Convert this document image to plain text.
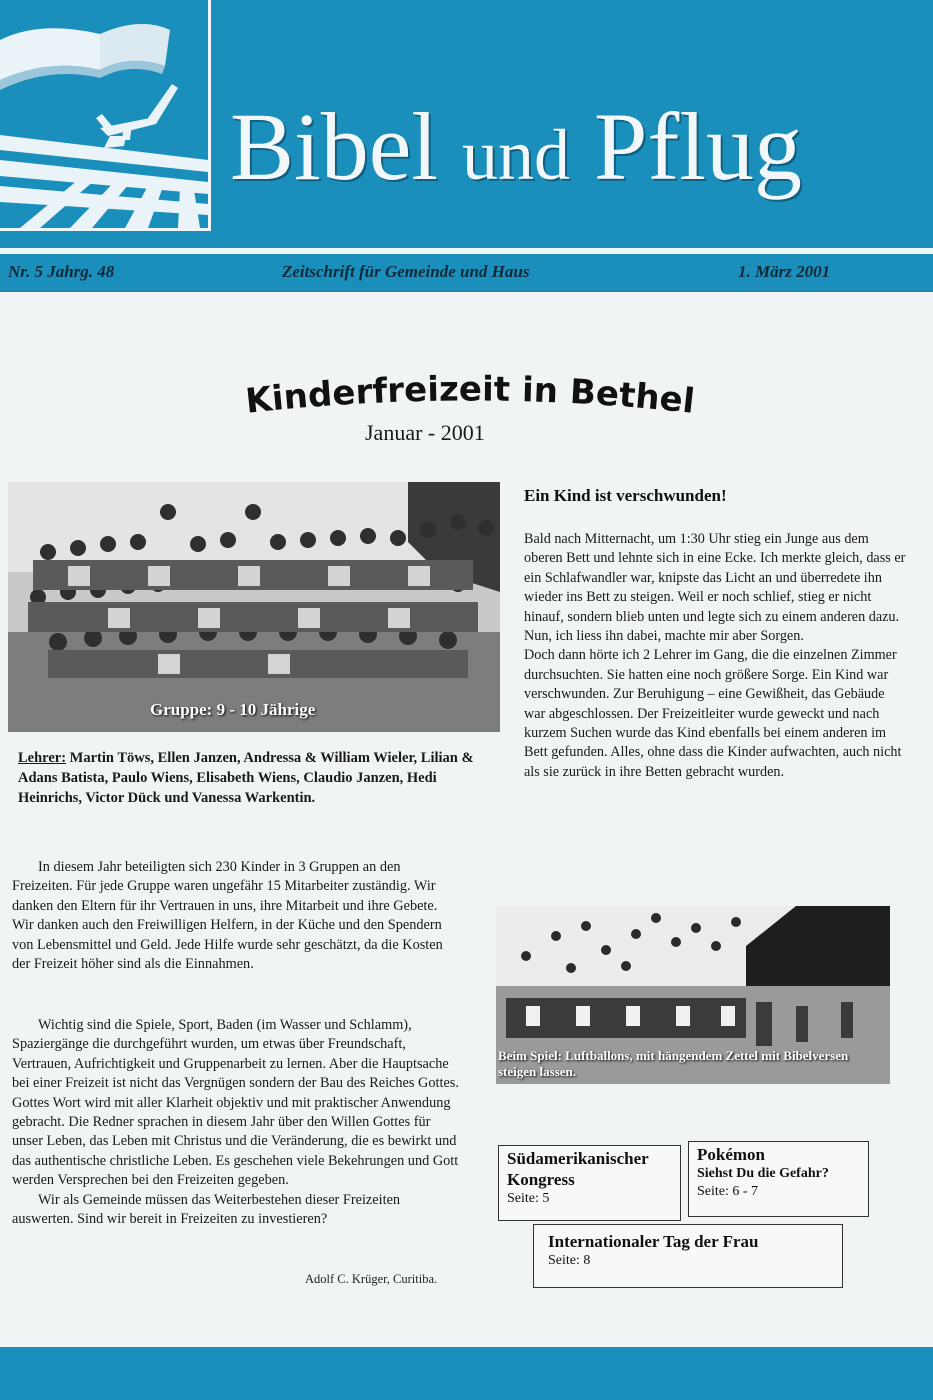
Bibel und Pflug
Nr. 5 Jahrg. 48	Zeitschrift für Gemeinde und Haus	1. März 2001
Kinderfreizeit in Bethel
Januar - 2001
Gruppe: 9 - 10 Jährige
Lehrer: Martin Töws, Ellen Janzen, Andressa & William Wieler, Lilian & Adans Batista, Paulo Wiens, Elisabeth Wiens, Claudio Janzen, Hedi Heinrichs, Victor Dück und Vanessa Warkentin.
Ein Kind ist verschwunden!

Bald nach Mitternacht, um 1:30 Uhr stieg ein Junge aus dem oberen Bett und lehnte sich in eine Ecke. Ich merkte gleich, dass er ein Schlafwandler war, knipste das Licht an und überredete ihn wieder ins Bett zu steigen. Weil er noch schlief, stieg er nicht hinauf, sondern blieb unten und legte sich zu einem anderen dazu. Nun, ich liess ihn dabei, machte mir aber Sorgen.

Doch dann hörte ich 2 Lehrer im Gang, die die einzelnen Zimmer durchsuchten. Sie hatten eine noch größere Sorge. Ein Kind war verschwunden. Zur Beruhigung – eine Gewißheit, das Gebäude war abgeschlossen. Der Freizeitleiter wurde geweckt und nach kurzem Suchen wurde das Kind ebenfalls bei einem anderen im Bett gefunden. Alles, ohne dass die Kinder aufwachten, auch nicht als sie zurück in ihre Betten gebracht wurden.

In diesem Jahr beteiligten sich 230 Kinder in 3 Gruppen an den Freizeiten. Für jede Gruppe waren ungefähr 15 Mitarbeiter zuständig. Wir danken den Eltern für ihr Vertrauen in uns, ihre Mitarbeit und ihre Gebete. Wir danken auch den Freiwilligen Helfern, in der Küche und den Spendern von Lebensmittel und Geld. Jede Hilfe wurde sehr geschätzt, da die Kosten der Freizeit höher sind als die Einnahmen.

Wichtig sind die Spiele, Sport, Baden (im Wasser und Schlamm), Spaziergänge die durchgeführt wurden, um etwas über Freundschaft, Vertrauen, Aufrichtigkeit und Gruppenarbeit zu lernen. Aber die Hauptsache bei einer Freizeit ist nicht das Vergnügen sondern der Bau des Reiches Gottes. Gottes Wort wird mit aller Klarheit objektiv und mit praktischer Anwendung gebracht. Die Redner sprachen in diesem Jahr über den Willen Gottes für unser Leben, das Leben mit Christus und die Veränderung, die es bewirkt und das authentische christliche Leben. Es geschehen viele Bekehrungen und Gott werden Versprechen bei den Freizeiten gegeben.

Wir als Gemeinde müssen das Weiterbestehen dieser Freizeiten auswerten. Sind wir bereit in Freizeiten zu investieren?

Adolf C. Krüger, Curitiba.
Beim Spiel: Luftballons, mit hängendem Zettel mit Bibelversen steigen lassen.
Südamerikanischer Kongress
Seite: 5
Pokémon
Siehst Du die Gefahr?
Seite: 6 - 7
Internationaler Tag der Frau
Seite: 8
